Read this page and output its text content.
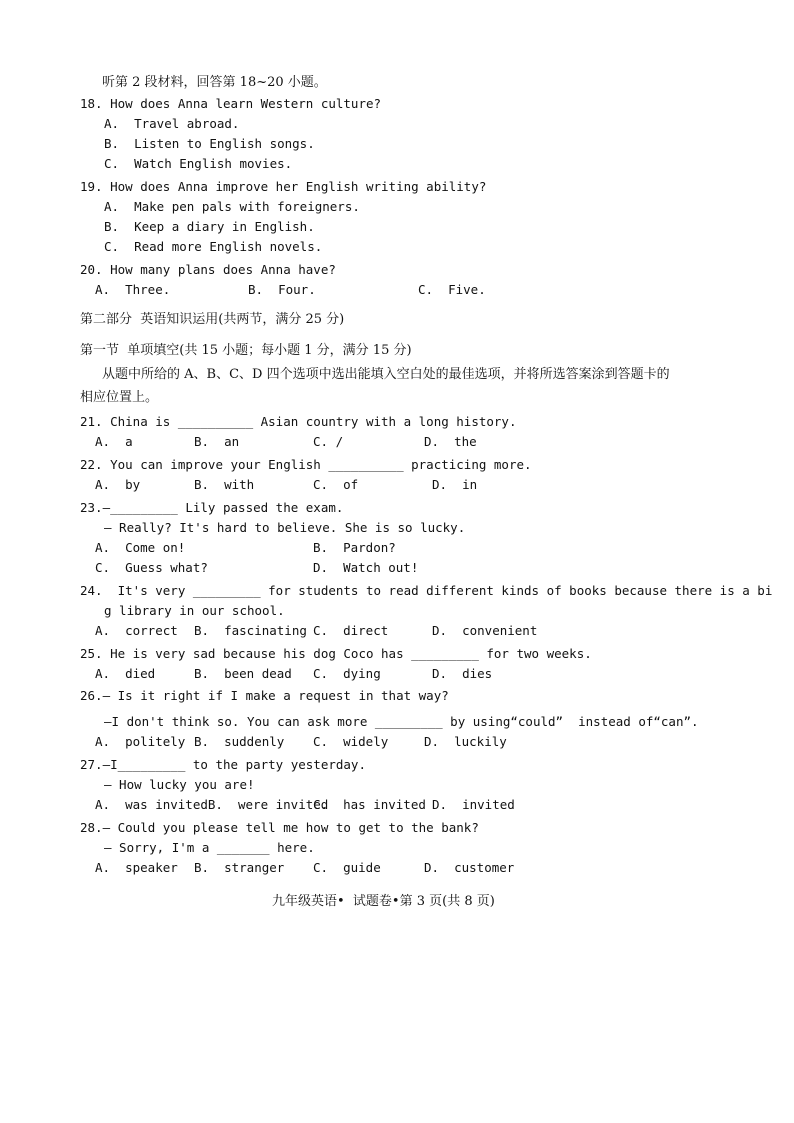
听第 2 段材料，回答第 18~20 小题。
18. How does Anna learn Western culture?
A.  Travel abroad.
B.  Listen to English songs.
C.  Watch English movies.
19. How does Anna improve her English writing ability?
A.  Make pen pals with foreigners.
B.  Keep a diary in English.
C.  Read more English novels.
20. How many plans does Anna have?
A.  Three.	B.  Four.	C.  Five.
第二部分  英语知识运用(共两节，满分 25 分)
第一节  单项填空(共 15 小题；每小题 1 分，满分 15 分)
从题中所给的 A、B、C、D 四个选项中选出能填入空白处的最佳选项，并将所选答案涂到答题卡的
相应位置上。
21. China is __________ Asian country with a long history.
A.  a	B.  an	C. /	D.  the
22. You can improve your English __________ practicing more.
A.  by	B.  with	C.  of	D.  in
23.—_________ Lily passed the exam.
— Really? It's hard to believe. She is so lucky.
A.  Come on!	B.  Pardon?
C.  Guess what?	D.  Watch out!
24.  It's very _________ for students to read different kinds of books because there is a bi
g library in our school.
A.  correct B.  fascinating C.  direct	D.  convenient
25. He is very sad because his dog Coco has _________ for two weeks.
A.  died	B.  been dead C.  dying	D.  dies
26.— Is it right if I make a request in that way?
—I don't think so. You can ask more _________ by using“could”  instead of“can”.
A.  politely B.  suddenly C.  widely	D.  luckily
27.—I_________ to the party yesterday.
— How lucky you are!
A.  was invitedB.  were invited
C.  has invited D.  invited
28.— Could you please tell me how to get to the bank?
— Sorry, I'm a _______ here.
A.  speaker B.  stranger C.  guide	D.  customer
九年级英语•  试题卷•第 3 页(共 8 页)
